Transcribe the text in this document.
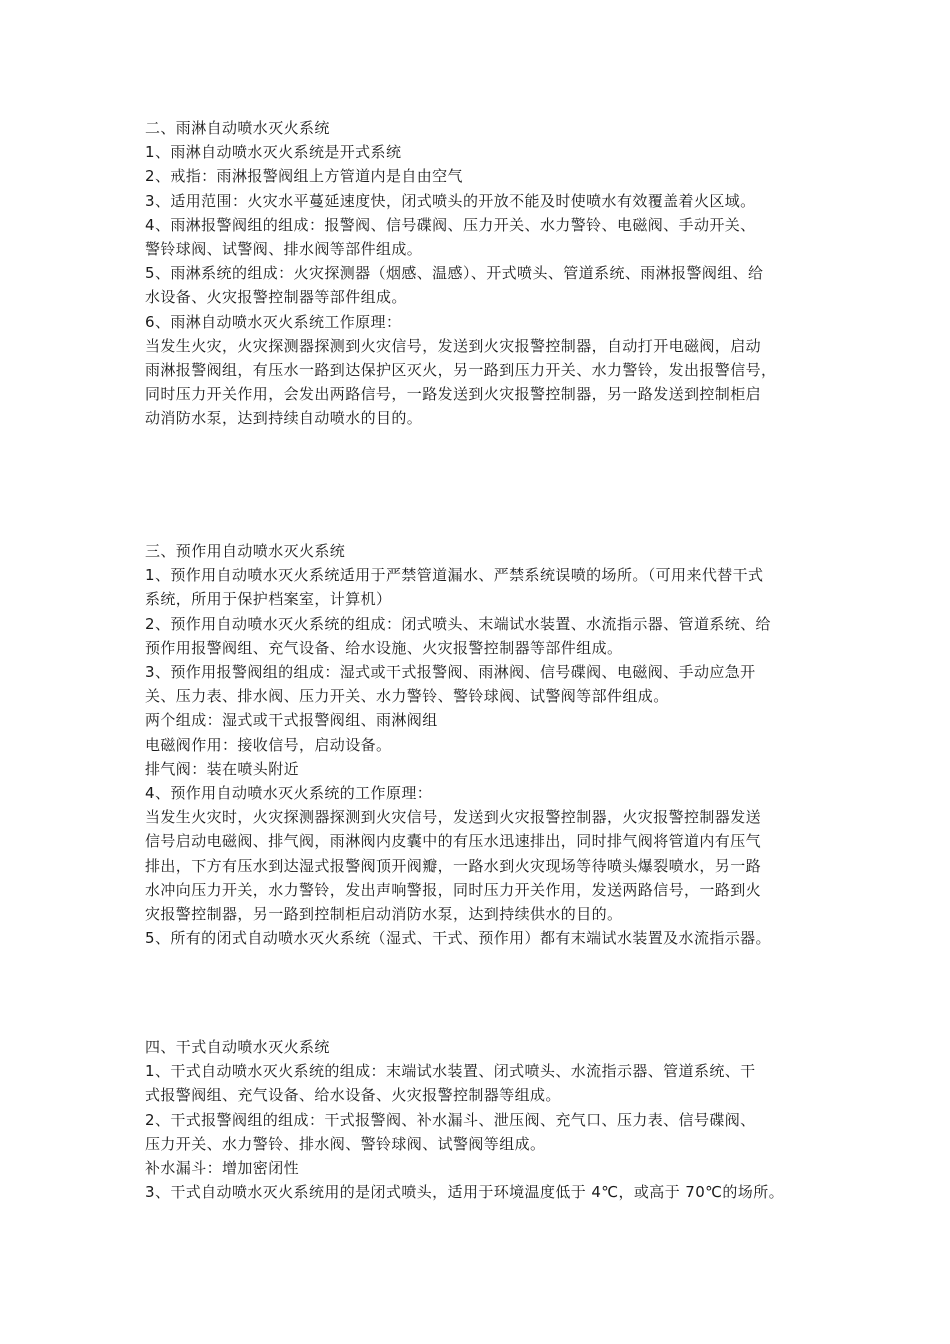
二、雨淋自动喷水灭火系统
1、雨淋自动喷水灭火系统是开式系统
2、戒指：雨淋报警阀组上方管道内是自由空气
3、适用范围：火灾水平蔓延速度快，闭式喷头的开放不能及时使喷水有效覆盖着火区域。
4、雨淋报警阀组的组成：报警阀、信号碟阀、压力开关、水力警铃、电磁阀、手动开关、
警铃球阀、试警阀、排水阀等部件组成。
5、雨淋系统的组成：火灾探测器（烟感、温感）、开式喷头、管道系统、雨淋报警阀组、给
水设备、火灾报警控制器等部件组成。
6、雨淋自动喷水灭火系统工作原理：
当发生火灾，火灾探测器探测到火灾信号，发送到火灾报警控制器，自动打开电磁阀，启动
雨淋报警阀组，有压水一路到达保护区灭火，另一路到压力开关、水力警铃，发出报警信号，
同时压力开关作用，会发出两路信号，一路发送到火灾报警控制器，另一路发送到控制柜启
动消防水泵，达到持续自动喷水的目的。
三、预作用自动喷水灭火系统
1、预作用自动喷水灭火系统适用于严禁管道漏水、严禁系统误喷的场所。（可用来代替干式
系统，所用于保护档案室，计算机）
2、预作用自动喷水灭火系统的组成：闭式喷头、末端试水装置、水流指示器、管道系统、给
预作用报警阀组、充气设备、给水设施、火灾报警控制器等部件组成。
3、预作用报警阀组的组成：湿式或干式报警阀、雨淋阀、信号碟阀、电磁阀、手动应急开
关、压力表、排水阀、压力开关、水力警铃、警铃球阀、试警阀等部件组成。
两个组成：湿式或干式报警阀组、雨淋阀组
电磁阀作用：接收信号，启动设备。
排气阀：装在喷头附近
4、预作用自动喷水灭火系统的工作原理：
当发生火灾时，火灾探测器探测到火灾信号，发送到火灾报警控制器，火灾报警控制器发送
信号启动电磁阀、排气阀，雨淋阀内皮囊中的有压水迅速排出，同时排气阀将管道内有压气
排出，下方有压水到达湿式报警阀顶开阀瓣，一路水到火灾现场等待喷头爆裂喷水，另一路
水冲向压力开关，水力警铃，发出声响警报，同时压力开关作用，发送两路信号，一路到火
灾报警控制器，另一路到控制柜启动消防水泵，达到持续供水的目的。
5、所有的闭式自动喷水灭火系统（湿式、干式、预作用）都有末端试水装置及水流指示器。
四、干式自动喷水灭火系统
1、干式自动喷水灭火系统的组成：末端试水装置、闭式喷头、水流指示器、管道系统、干
式报警阀组、充气设备、给水设备、火灾报警控制器等组成。
2、干式报警阀组的组成：干式报警阀、补水漏斗、泄压阀、充气口、压力表、信号碟阀、
压力开关、水力警铃、排水阀、警铃球阀、试警阀等组成。
补水漏斗：增加密闭性
3、干式自动喷水灭火系统用的是闭式喷头，适用于环境温度低于 4℃，或高于 70℃的场所。
